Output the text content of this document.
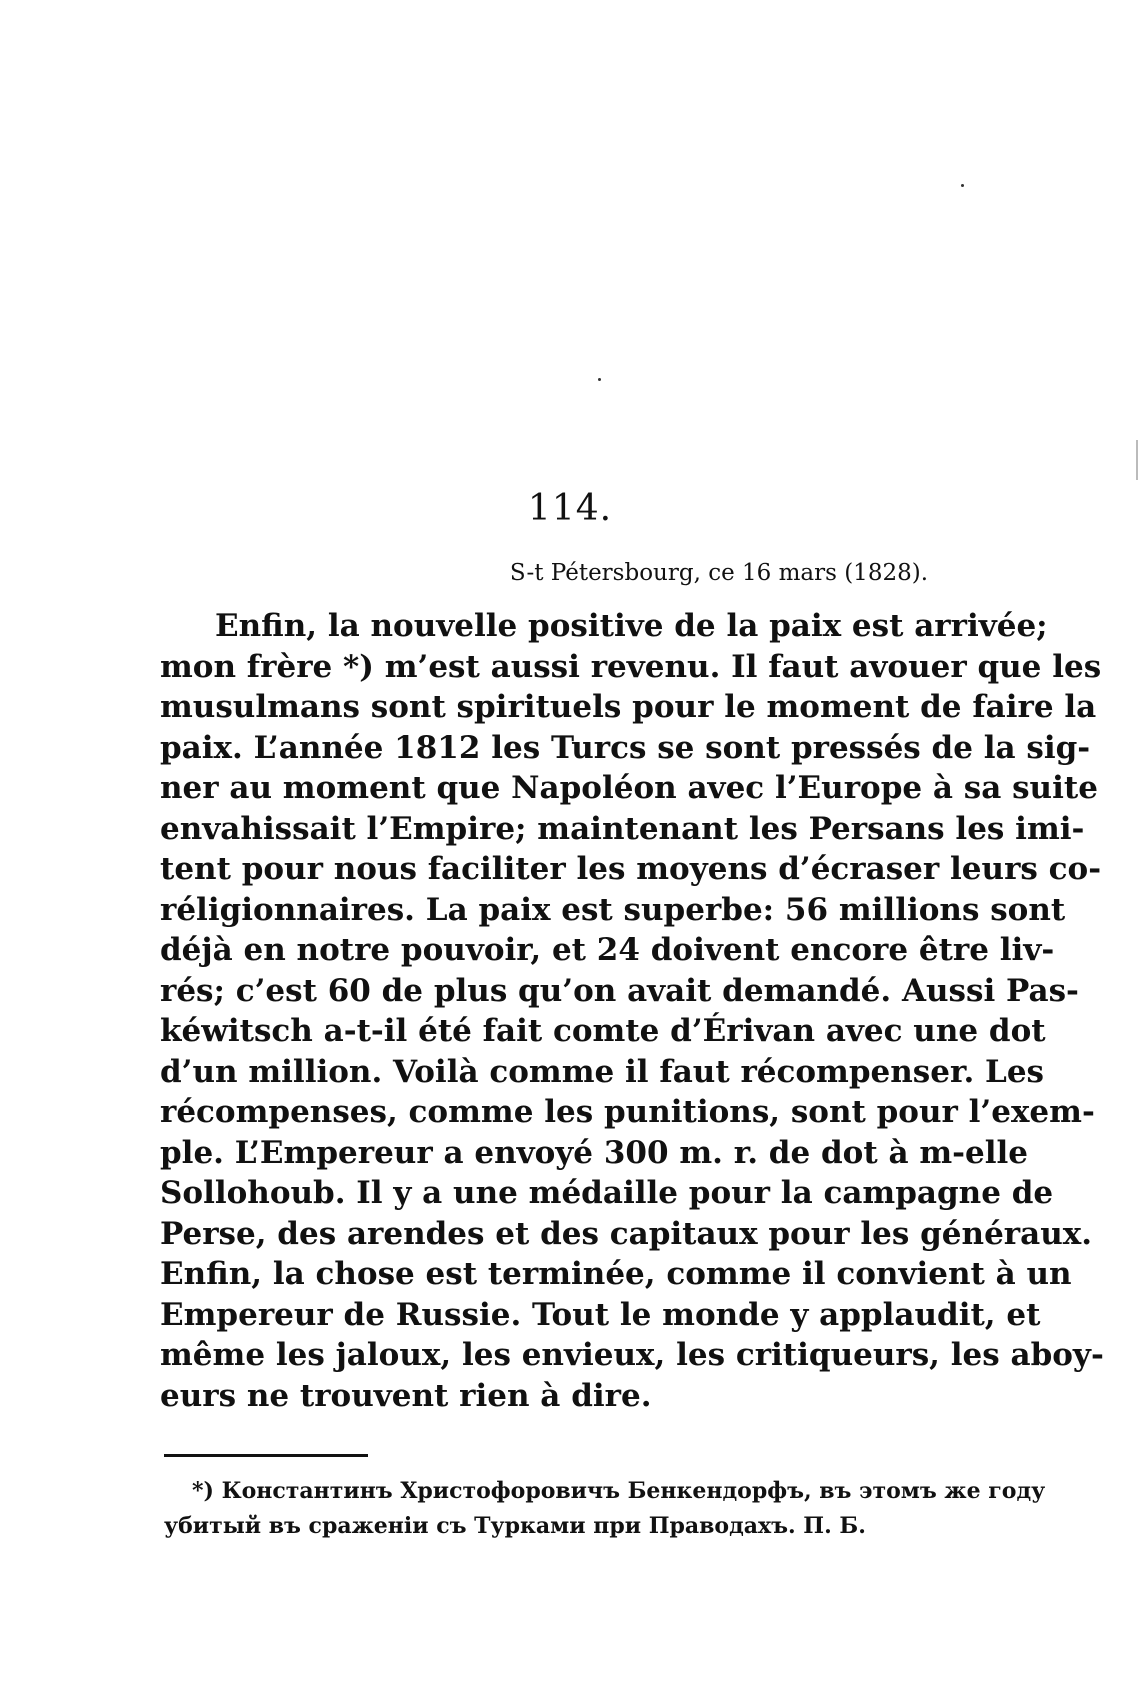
114.
S-t Pétersbourg, ce 16 mars (1828).
Enfin, la nouvelle positive de la paix est arrivée;
mon frère *) m’est aussi revenu. Il faut avouer que les
musulmans sont spirituels pour le moment de faire la
paix. L’année 1812 les Turcs se sont pressés de la sig-
ner au moment que Napoléon avec l’Europe à sa suite
envahissait l’Empire; maintenant les Persans les imi-
tent pour nous faciliter les moyens d’écraser leurs co-
réligionnaires. La paix est superbe: 56 millions sont
déjà en notre pouvoir, et 24 doivent encore être liv-
rés; c’est 60 de plus qu’on avait demandé. Aussi Pas-
kéwitsch a-t-il été fait comte d’Érivan avec une dot
d’un million. Voilà comme il faut récompenser. Les
récompenses, comme les punitions, sont pour l’exem-
ple. L’Empereur a envoyé 300 m. r. de dot à m-elle
Sollohoub. Il y a une médaille pour la campagne de
Perse, des arendes et des capitaux pour les généraux.
Enfin, la chose est terminée, comme il convient à un
Empereur de Russie. Tout le monde y applaudit, et
même les jaloux, les envieux, les critiqueurs, les aboy-
eurs ne trouvent rien à dire.
*) Константинъ Христофоровичъ Бенкендорфъ, въ этомъ же году
убитый въ сраженіи съ Турками при Праводахъ. П. Б.
